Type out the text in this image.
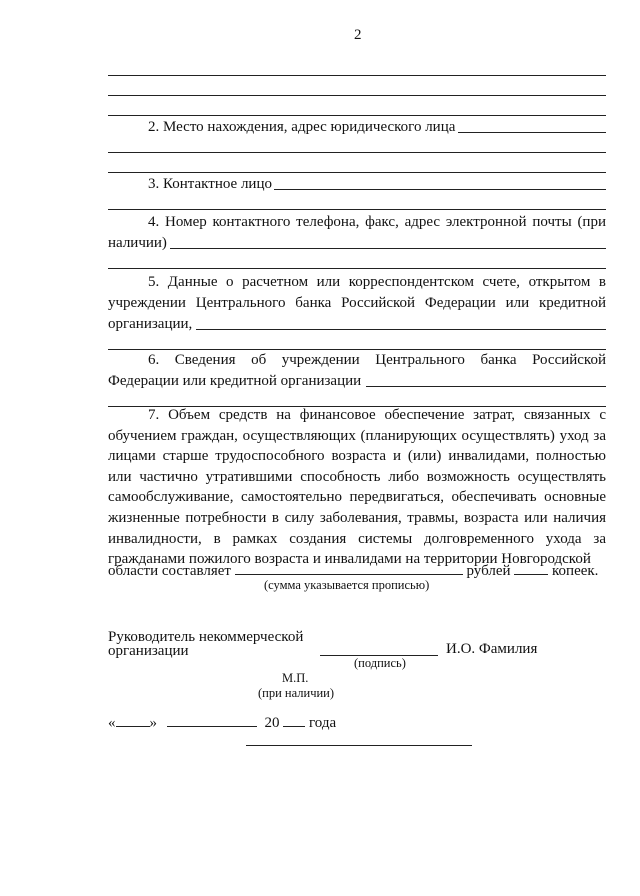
2
2. Место нахождения, адрес юридического лица
3. Контактное лицо
4. Номер контактного телефона, факс, адрес электронной почты (при
наличии)
5. Данные о расчетном или корреспондентском счете, открытом в
учреждении Центрального банка Российской Федерации или кредитной
организации,
6. Сведения об учреждении Центрального банка Российской
Федерации или кредитной организации
7. Объем средств на финансовое обеспечение затрат, связанных с обучением граждан, осуществляющих (планирующих осуществлять) уход за лицами старше трудоспособного возраста и (или) инвалидами, полностью или частично утратившими способность либо возможность осуществлять самообслуживание, самостоятельно передвигаться, обеспечивать основные жизненные потребности в силу заболевания, травмы, возраста или наличия инвалидности, в рамках создания системы долговременного ухода за гражданами пожилого возраста и инвалидами на территории Новгородской
области составляет	рублей	копеек.
(сумма указывается прописью)
Руководитель некоммерческой
организации	И.О. Фамилия
(подпись)
М.П.
(при наличии)
« »	20 года
